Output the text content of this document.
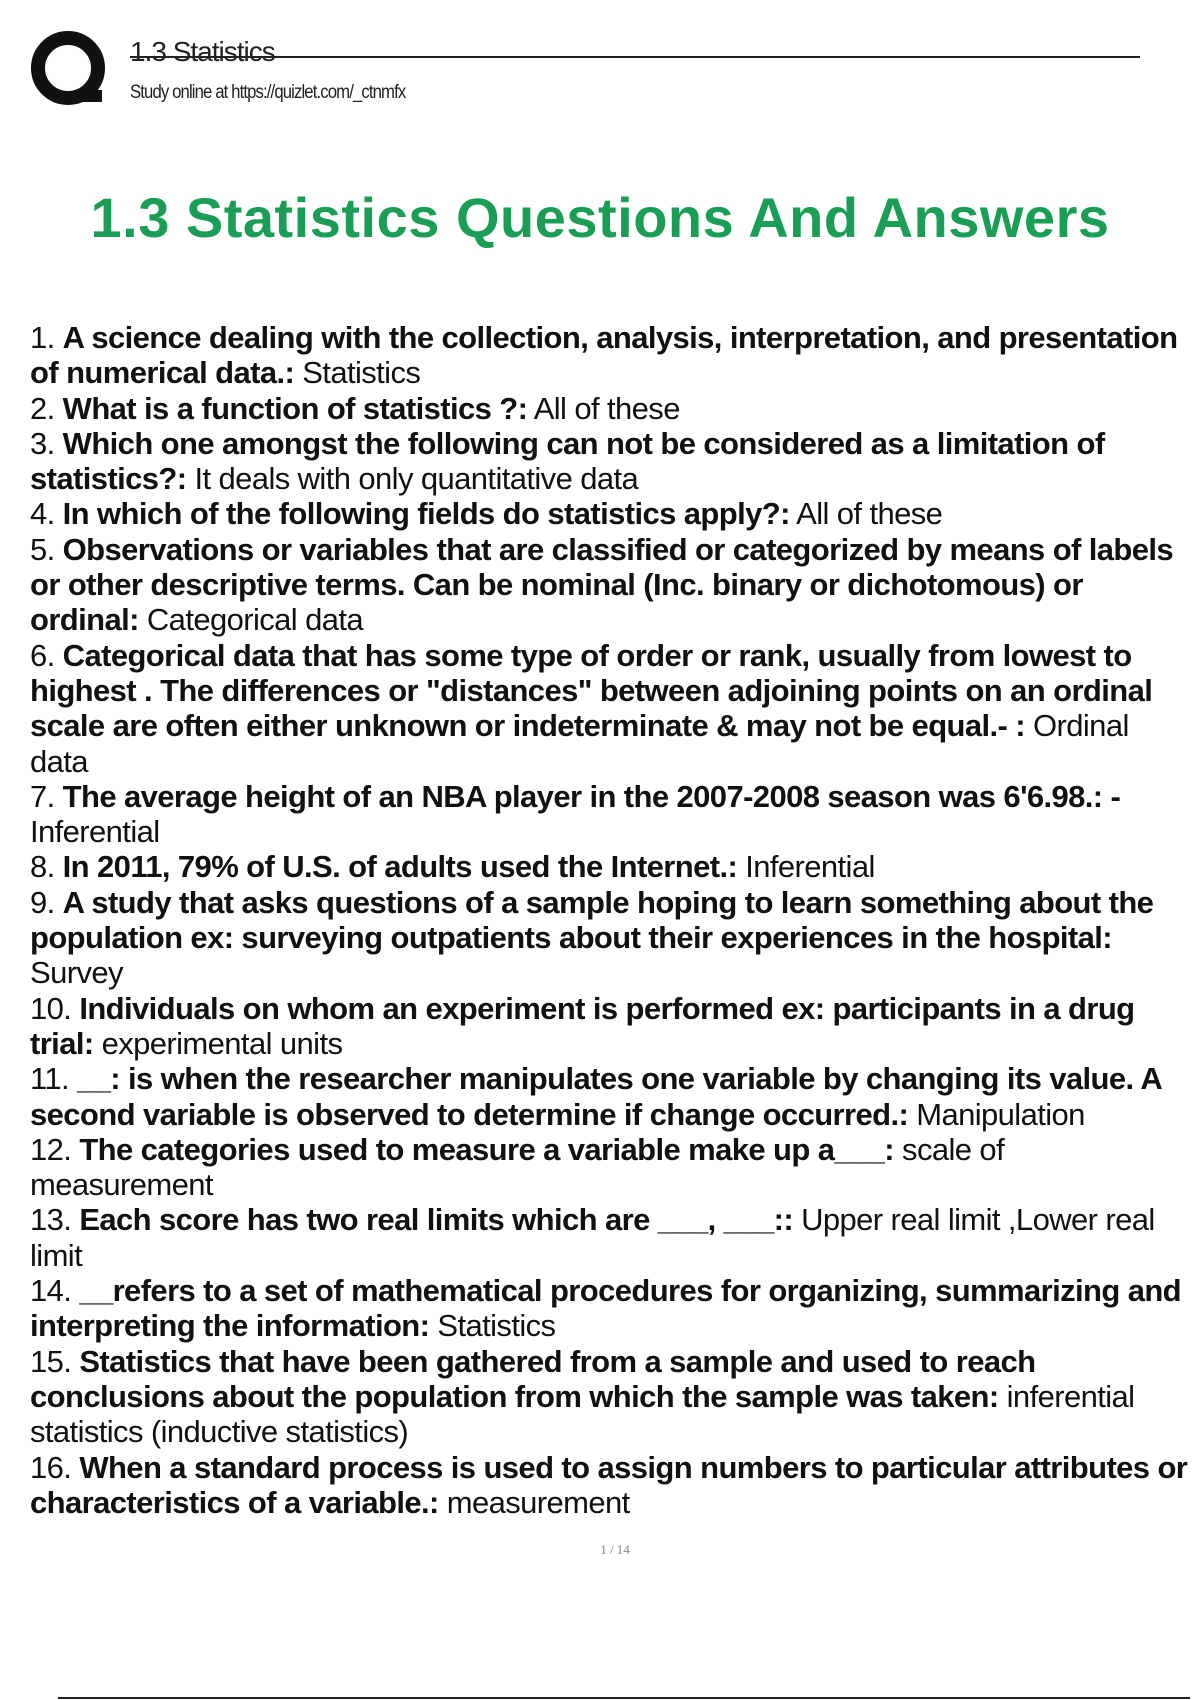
1.3 Statistics
Study online at https://quizlet.com/_ctnmfx
1.3 Statistics Questions And Answers
1. A science dealing with the collection, analysis, interpretation, and presentation of numerical data.: Statistics
2. What is a function of statistics ?: All of these
3. Which one amongst the following can not be considered as a limitation of statistics?: It deals with only quantitative data
4. In which of the following fields do statistics apply?: All of these
5. Observations or variables that are classified or categorized by means of labels or other descriptive terms. Can be nominal (Inc. binary or dichotomous) or ordinal: Categorical data
6. Categorical data that has some type of order or rank, usually from lowest to highest . The differences or "distances" between adjoining points on an ordinal scale are often either unknown or indeterminate & may not be equal.- : Ordinal data
7. The average height of an NBA player in the 2007-2008 season was 6'6.98.: - Inferential
8. In 2011, 79% of U.S. of adults used the Internet.: Inferential
9. A study that asks questions of a sample hoping to learn something about the population ex: surveying outpatients about their experiences in the hospital: Survey
10. Individuals on whom an experiment is performed ex: participants in a drug trial: experimental units
11. __: is when the researcher manipulates one variable by changing its value. A second variable is observed to determine if change occurred.: Manipulation
12. The categories used to measure a variable make up a___: scale of measurement
13. Each score has two real limits which are ___, ___:: Upper real limit ,Lower real limit
14. __refers to a set of mathematical procedures for organizing, summarizing and interpreting the information: Statistics
15. Statistics that have been gathered from a sample and used to reach conclusions about the population from which the sample was taken: inferential statistics (inductive statistics)
16. When a standard process is used to assign numbers to particular attributes or characteristics of a variable.: measurement
1 / 14
